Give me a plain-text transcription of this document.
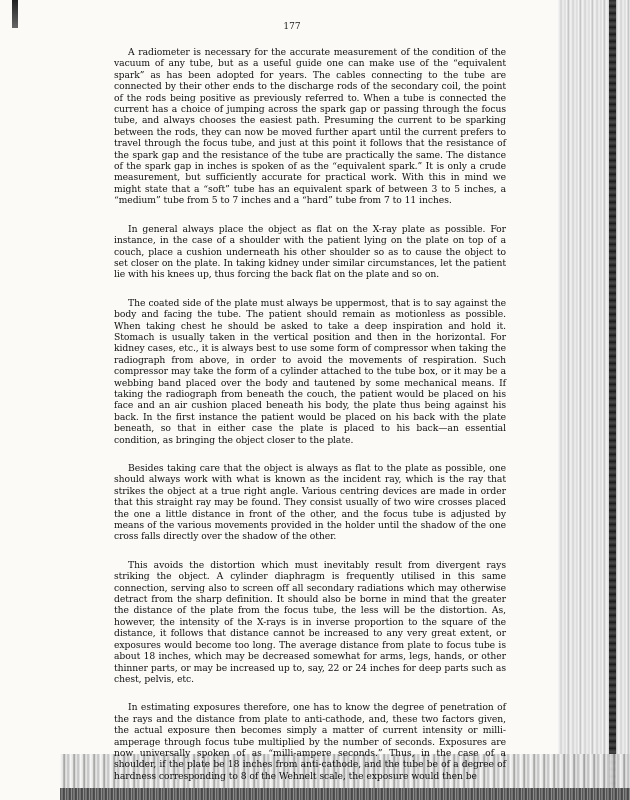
177

A radiometer is necessary for the accurate measurement of the condition of the vacuum of any tube, but as a useful guide one can make use of the “equivalent spark” as has been adopted for years. The cables connecting to the tube are connected by their other ends to the discharge rods of the secondary coil, the point of the rods being positive as previously referred to. When a tube is connected the current has a choice of jumping across the spark gap or passing through the focus tube, and always chooses the easiest path. Presuming the current to be sparking between the rods, they can now be moved further apart until the current prefers to travel through the focus tube, and just at this point it follows that the resistance of the spark gap and the resistance of the tube are practically the same. The distance of the spark gap in inches is spoken of as the “equivalent spark.” It is only a crude measurement, but sufficiently accurate for practical work. With this in mind we might state that a “soft” tube has an equivalent spark of between 3 to 5 inches, a “medium” tube from 5 to 7 inches and a “hard” tube from 7 to 11 inches.

In general always place the object as flat on the X-ray plate as possible. For instance, in the case of a shoulder with the patient lying on the plate on top of a couch, place a cushion underneath his other shoulder so as to cause the object to set closer on the plate. In taking kidney under similar circumstances, let the patient lie with his knees up, thus forcing the back flat on the plate and so on.

The coated side of the plate must always be uppermost, that is to say against the body and facing the tube. The patient should remain as motionless as possible. When taking chest he should be asked to take a deep inspiration and hold it. Stomach is usually taken in the vertical position and then in the horizontal. For kidney cases, etc., it is always best to use some form of compressor when taking the radiograph from above, in order to avoid the movements of respiration. Such compressor may take the form of a cylinder attached to the tube box, or it may be a webbing band placed over the body and tautened by some mechanical means. If taking the radiograph from beneath the couch, the patient would be placed on his face and an air cushion placed beneath his body, the plate thus being against his back. In the first instance the patient would be placed on his back with the plate beneath, so that in either case the plate is placed to his back—an essential condition, as bringing the object closer to the plate.

Besides taking care that the object is always as flat to the plate as possible, one should always work with what is known as the incident ray, which is the ray that strikes the object at a true right angle. Various centring devices are made in order that this straight ray may be found. They consist usually of two wire crosses placed the one a little distance in front of the other, and the focus tube is adjusted by means of the various movements provided in the holder until the shadow of the one cross falls directly over the shadow of the other.

This avoids the distortion which must inevitably result from divergent rays striking the object. A cylinder diaphragm is frequently utilised in this same connection, serving also to screen off all secondary radiations which may otherwise detract from the sharp definition. It should also be borne in mind that the greater the distance of the plate from the focus tube, the less will be the distortion. As, however, the intensity of the X-rays is in inverse proportion to the square of the distance, it follows that distance cannot be increased to any very great extent, or exposures would become too long. The average distance from plate to focus tube is about 18 inches, which may be decreased somewhat for arms, legs, hands, or other thinner parts, or may be increased up to, say, 22 or 24 inches for deep parts such as chest, pelvis, etc.

In estimating exposures therefore, one has to know the degree of penetration of the rays and the distance from plate to anti-cathode, and, these two factors given, the actual exposure then becomes simply a matter of current intensity or milli-amperage through focus tube multiplied by the number of seconds. Exposures are now universally spoken of as “milli-ampere seconds.” Thus, in the case of a shoulder, if the plate be 18 inches from anti-cathode, and the tube be of a degree of hardness corresponding to 8 of the Wehnelt scale, the exposure would then be
